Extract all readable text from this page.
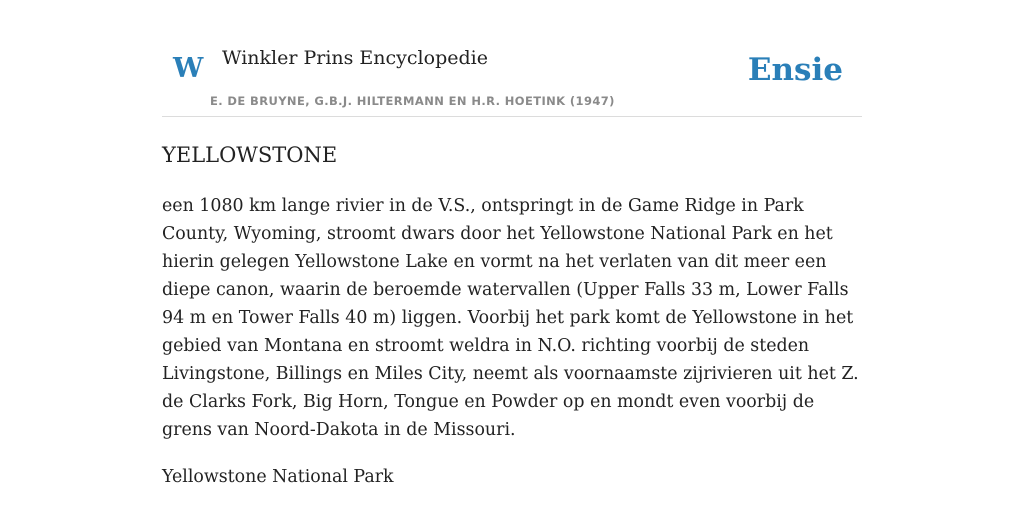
W Winkler Prins Encyclopedie
E. DE BRUYNE, G.B.J. HILTERMANN EN H.R. HOETINK (1947)
Ensie
YELLOWSTONE

een 1080 km lange rivier in de V.S., ontspringt in de Game Ridge in Park County, Wyoming, stroomt dwars door het Yellowstone National Park en het hierin gelegen Yellowstone Lake en vormt na het verlaten van dit meer een diepe canon, waarin de beroemde watervallen (Upper Falls 33 m, Lower Falls 94 m en Tower Falls 40 m) liggen. Voorbij het park komt de Yellowstone in het gebied van Montana en stroomt weldra in N.O. richting voorbij de steden Livingstone, Billings en Miles City, neemt als voornaamste zijrivieren uit het Z. de Clarks Fork, Big Horn, Tongue en Powder op en mondt even voorbij de grens van Noord-Dakota in de Missouri.

Yellowstone National Park
